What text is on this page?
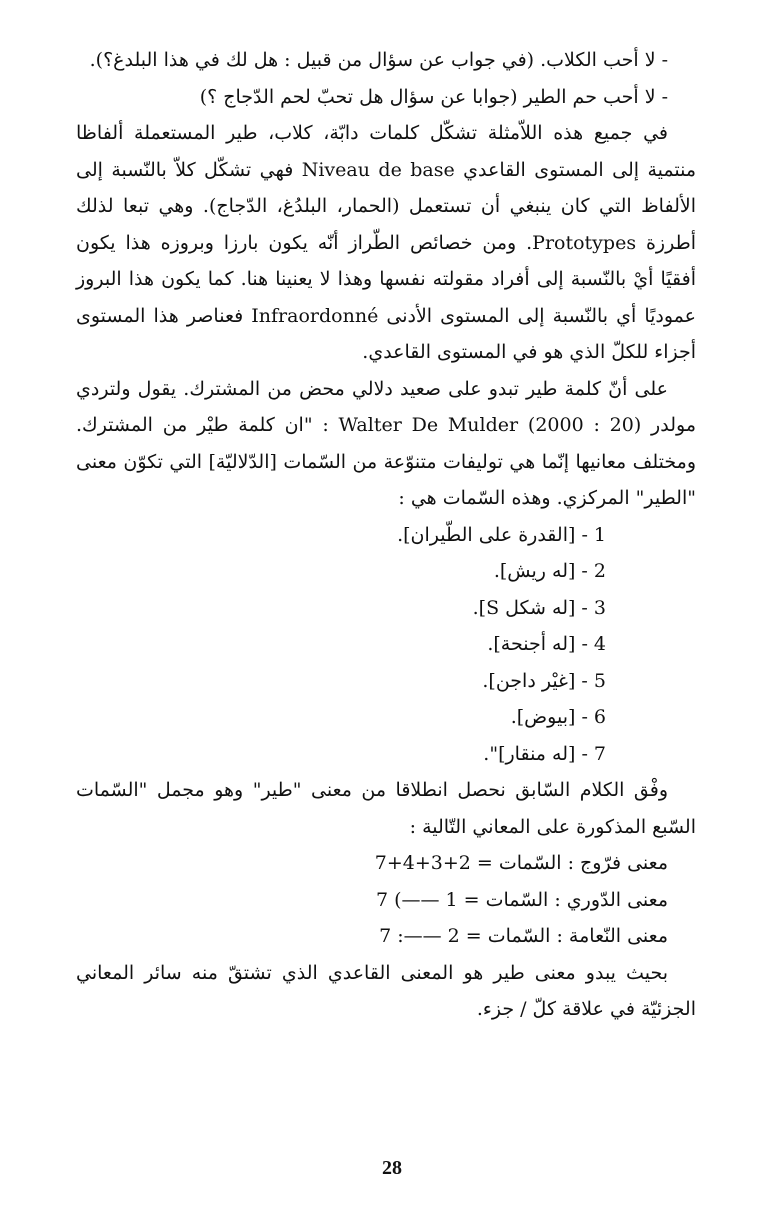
- لا أحب الكلاب. (في جواب عن سؤال من قبيل : هل لك في هذا البلدغ؟).

- لا أحب حم الطير (جوابا عن سؤال هل تحبّ لحم الدّجاج ؟)

في جميع هذه اللاّمثلة تشكّل كلمات دابّة، كلاب، طير المستعملة ألفاظا منتمية إلى المستوى القاعدي Niveau de base فهي تشكّل كلاّ بالنّسبة إلى الألفاظ التي كان ينبغي أن تستعمل (الحمار، البلدُغ، الدّجاج). وهي تبعا لذلك أطرزة Prototypes. ومن خصائص الطّراز أنّه يكون بارزا وبروزه هذا يكون أفقيًا أيْ بالنّسبة إلى أفراد مقولته نفسها وهذا لا يعنينا هنا. كما يكون هذا البروز عموديًا أي بالنّسبة إلى المستوى الأدنى Infraordonné فعناصر هذا المستوى أجزاء للكلّ الذي هو في المستوى القاعدي.

على أنّ كلمة طير تبدو على صعيد دلالي محض من المشترك. يقول ولتردي مولدر Walter De Mulder (2000 : 20) : "ان كلمة طيْر من المشترك. ومختلف معانيها إنّما هي توليفات متنوّعة من السّمات [الدّلاليّة] التي تكوّن معنى "الطير" المركزي. وهذه السّمات هي :

1 - [القدرة على الطّيران].
2 - [له ريش].
3 - [له شكل S].
4 - [له أجنحة].
5 - [غيْر داجن].
6 - [بيوض].
7 - [له منقار]".

وفْق الكلام السّابق نحصل انطلاقا من معنى "طير" وهو مجمل "السّمات السّبع المذكورة على المعاني التّالية :

معنى فرّوج : السّمات = 2+3+4+7

معنى الدّوري : السّمات = 1 ——) 7

معنى النّعامة : السّمات = 2 ——: 7

بحيث يبدو معنى طير هو المعنى القاعدي الذي تشتقّ منه سائر المعاني الجزئيّة في علاقة كلّ / جزء.

28
